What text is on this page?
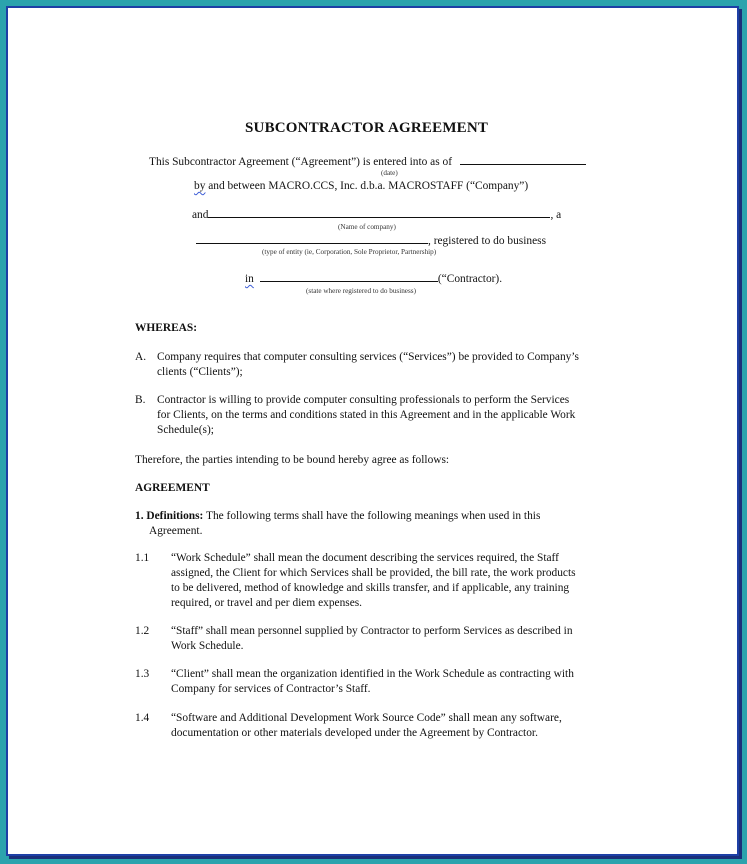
SUBCONTRACTOR AGREEMENT
This Subcontractor Agreement (“Agreement”) is entered into as of
(date)
by and between MACRO.CCS, Inc. d.b.a. MACROSTAFF (“Company”)
and	, a
(Name of company)
, registered to do business
(type of entity (ie, Corporation, Sole Proprietor, Partnership)
in	(“Contractor).
(state where registered to do business)
WHEREAS:
A. Company requires that computer consulting services (“Services”) be provided to Company’s
clients (“Clients”);
B. Contractor is willing to provide computer consulting professionals to perform the Services
for Clients, on the terms and conditions stated in this Agreement and in the applicable Work
Schedule(s);
Therefore, the parties intending to be bound hereby agree as follows:
AGREEMENT
1. Definitions: The following terms shall have the following meanings when used in this
Agreement.
1.1 “Work Schedule” shall mean the document describing the services required, the Staff
assigned, the Client for which Services shall be provided, the bill rate, the work products
to be delivered, method of knowledge and skills transfer, and if applicable, any training
required, or travel and per diem expenses.
1.2 “Staff” shall mean personnel supplied by Contractor to perform Services as described in
Work Schedule.
1.3 “Client” shall mean the organization identified in the Work Schedule as contracting with
Company for services of Contractor’s Staff.
1.4 “Software and Additional Development Work Source Code” shall mean any software,
documentation or other materials developed under the Agreement by Contractor.
